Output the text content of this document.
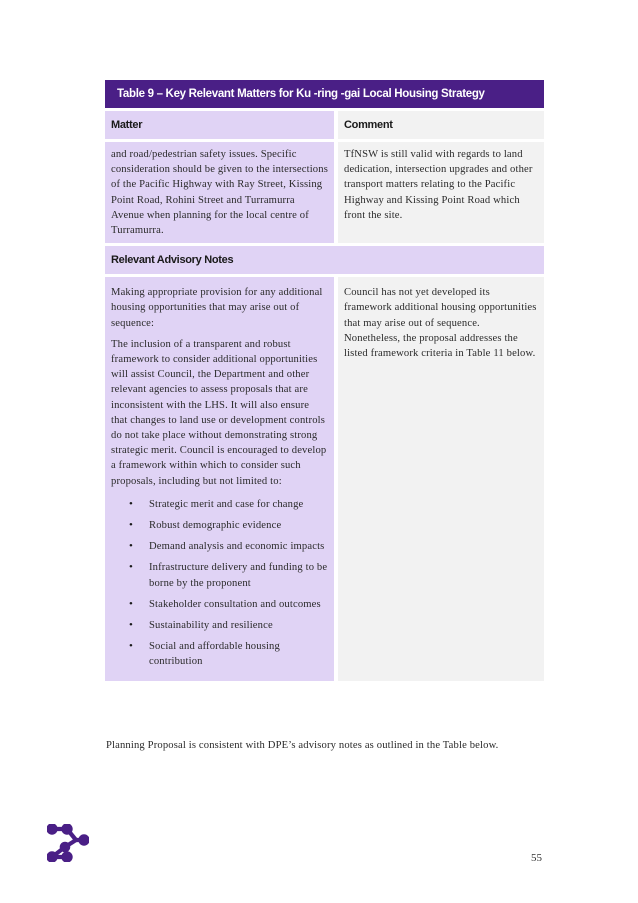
Table 9 – Key Relevant Matters for Ku -ring -gai Local Housing Strategy
Matter	Comment
and road/pedestrian safety issues. Specific consideration should be given to the intersections of the Pacific Highway with Ray Street, Kissing Point Road, Rohini Street and Turramurra Avenue when planning for the local centre of Turramurra.
TfNSW is still valid with regards to land dedication, intersection upgrades and other transport matters relating to the Pacific Highway and Kissing Point Road which front the site.
Relevant Advisory Notes

Making appropriate provision for any additional housing opportunities that may arise out of sequence:

The inclusion of a transparent and robust framework to consider additional opportunities will assist Council, the Department and other relevant agencies to assess proposals that are inconsistent with the LHS. It will also ensure that changes to land use or development controls do not take place without demonstrating strong strategic merit. Council is encouraged to develop a framework within which to consider such proposals, including but not limited to:

• Strategic merit and case for change
• Robust demographic evidence
• Demand analysis and economic impacts
• Infrastructure delivery and funding to be borne by the proponent
• Stakeholder consultation and outcomes
• Sustainability and resilience
• Social and affordable housing contribution
Council has not yet developed its framework additional housing opportunities that may arise out of sequence. Nonetheless, the proposal addresses the listed framework criteria in Table 11 below.
Planning Proposal is consistent with DPE’s advisory notes as outlined in the Table below.
55
